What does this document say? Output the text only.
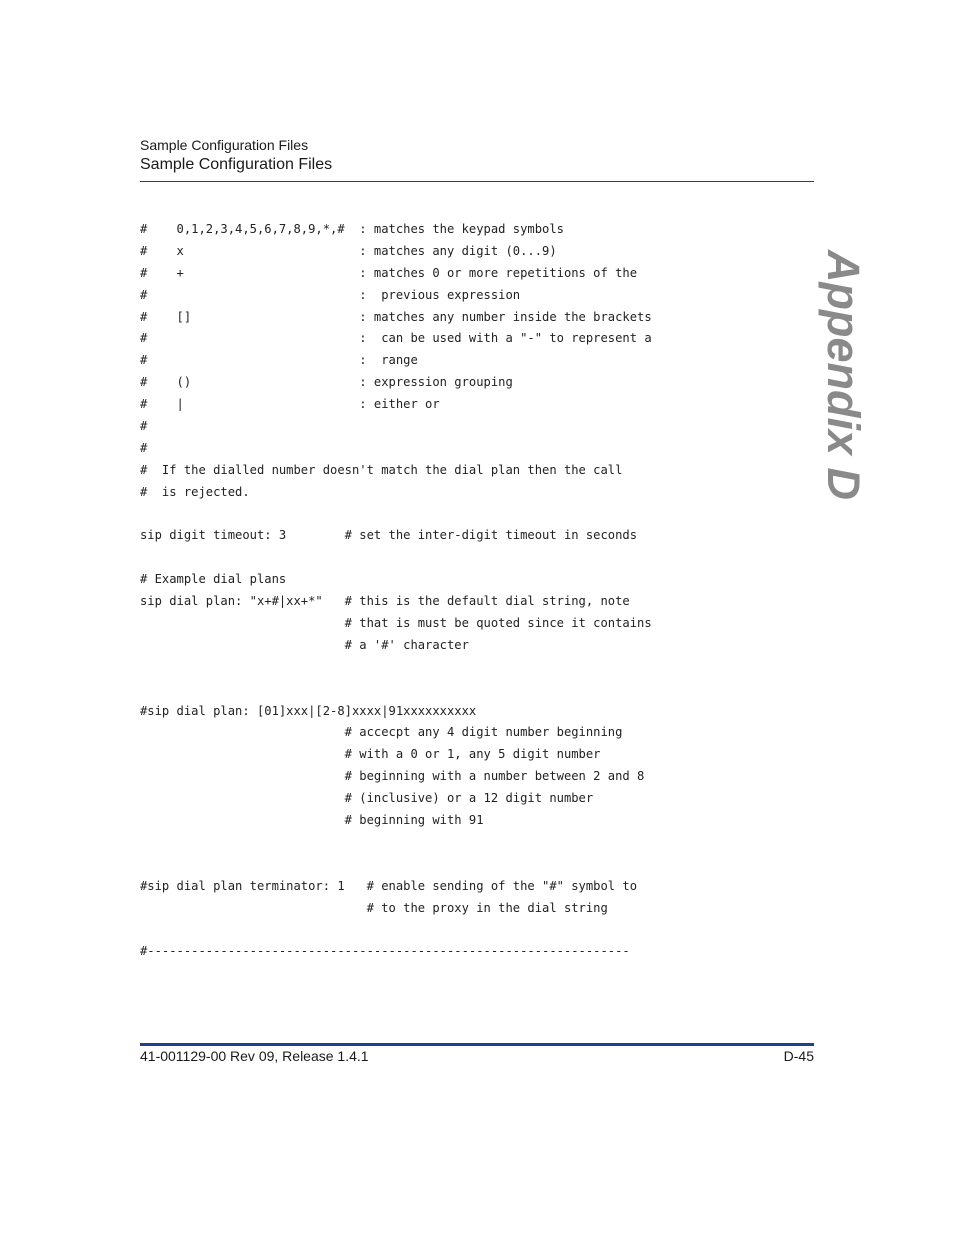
Sample Configuration Files
Sample Configuration Files
Appendix D
#    0,1,2,3,4,5,6,7,8,9,*,#  : matches the keypad symbols
#    x                        : matches any digit (0...9)
#    +                        : matches 0 or more repetitions of the
#                             :  previous expression
#    []                       : matches any number inside the brackets
#                             :  can be used with a "-" to represent a
#                             :  range
#    ()                       : expression grouping
#    |                        : either or
#
#
#  If the dialled number doesn't match the dial plan then the call
#  is rejected.

sip digit timeout: 3        # set the inter-digit timeout in seconds

# Example dial plans
sip dial plan: "x+#|xx+*"   # this is the default dial string, note
# that is must be quoted since it contains
# a '#' character

#sip dial plan: [01]xxx|[2-8]xxxx|91xxxxxxxxxx
# accecpt any 4 digit number beginning
# with a 0 or 1, any 5 digit number
# beginning with a number between 2 and 8
# (inclusive) or a 12 digit number
# beginning with 91

#sip dial plan terminator: 1   # enable sending of the "#" symbol to
# to the proxy in the dial string

#------------------------------------------------------------------
41-001129-00 Rev 09, Release 1.4.1	D-45
